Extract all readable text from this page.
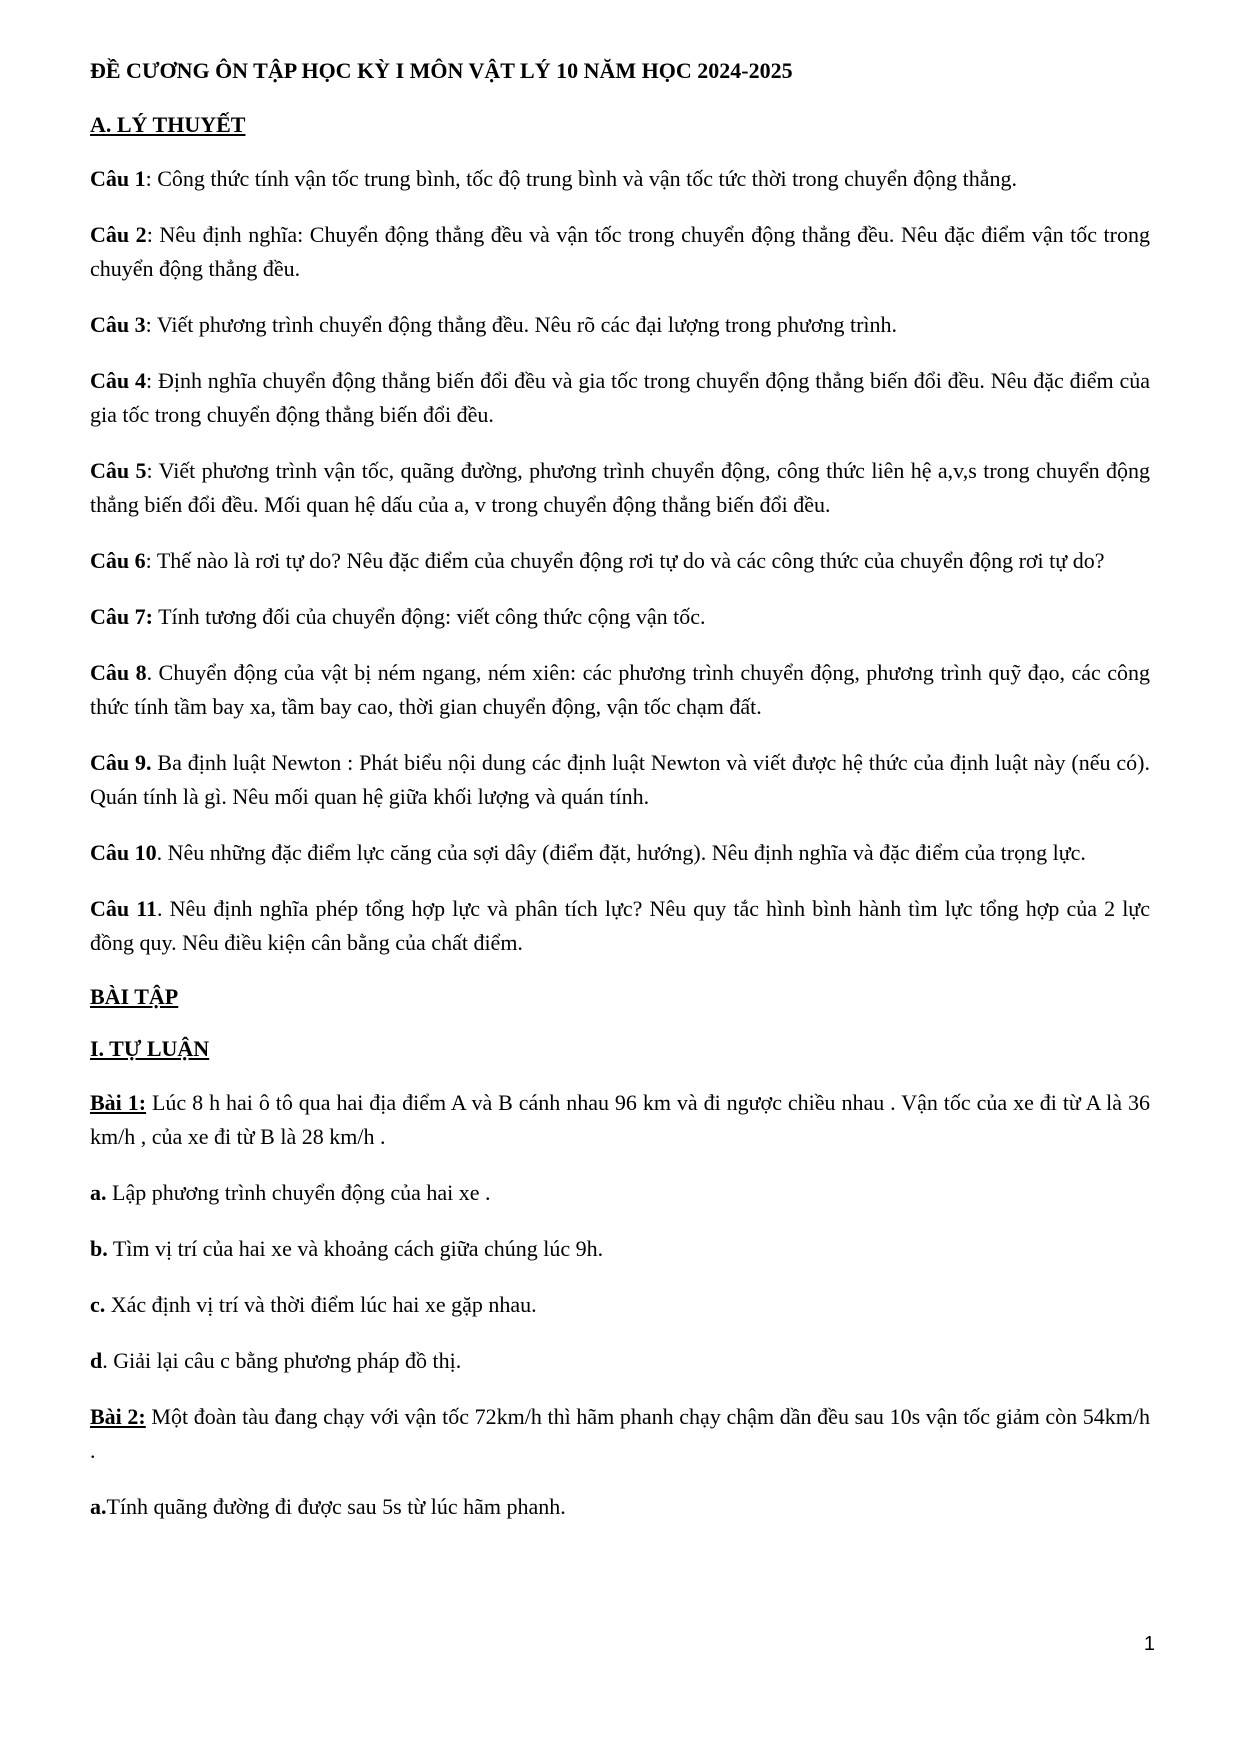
ĐỀ CƯƠNG ÔN TẬP HỌC KỲ I MÔN VẬT LÝ 10 NĂM HỌC 2024-2025
A. LÝ THUYẾT
Câu 1: Công thức tính vận tốc trung bình, tốc độ trung bình và vận tốc tức thời trong chuyển động thẳng.
Câu 2: Nêu định nghĩa: Chuyển động thẳng đều và vận tốc trong chuyển động thẳng đều. Nêu đặc điểm vận tốc trong chuyển động thẳng đều.
Câu 3: Viết phương trình chuyển động thẳng đều. Nêu rõ các đại lượng trong phương trình.
Câu 4: Định nghĩa chuyển động thẳng biến đổi đều và gia tốc trong chuyển động thẳng biến đổi đều. Nêu đặc điểm của gia tốc trong chuyển động thẳng biến đổi đều.
Câu 5: Viết phương trình vận tốc, quãng đường, phương trình chuyển động, công thức liên hệ a,v,s trong chuyển động thẳng biến đổi đều. Mối quan hệ dấu của a, v trong chuyển động thẳng biến đổi đều.
Câu 6: Thế nào là rơi tự do? Nêu đặc điểm của chuyển động rơi tự do và các công thức của chuyển động rơi tự do?
Câu 7: Tính tương đối của chuyển động: viết công thức cộng vận tốc.
Câu 8. Chuyển động của vật bị ném ngang, ném xiên: các phương trình chuyển động, phương trình quỹ đạo, các công thức tính tầm bay xa, tầm bay cao, thời gian chuyển động, vận tốc chạm đất.
Câu 9. Ba định luật Newton : Phát biểu nội dung các định luật Newton và viết được hệ thức của định luật này (nếu có). Quán tính là gì. Nêu mối quan hệ giữa khối lượng và quán tính.
Câu 10. Nêu những đặc điểm lực căng của sợi dây (điểm đặt, hướng). Nêu định nghĩa và đặc điểm của trọng lực.
Câu 11. Nêu định nghĩa phép tổng hợp lực và phân tích lực? Nêu quy tắc hình bình hành tìm lực tổng hợp của 2 lực đồng quy. Nêu điều kiện cân bằng của chất điểm.
BÀI TẬP
I. TỰ LUẬN
Bài 1: Lúc 8 h hai ô tô qua hai địa điểm A và B cánh nhau 96 km và đi ngược chiều nhau . Vận tốc của xe đi từ A là 36 km/h , của xe đi từ B là 28 km/h .
a. Lập phương trình chuyển động của hai xe .
b. Tìm vị trí của hai xe và khoảng cách giữa chúng lúc 9h.
c. Xác định vị trí và thời điểm lúc hai xe gặp nhau.
d. Giải lại câu c bằng phương pháp đồ thị.
Bài 2: Một đoàn tàu đang chạy với vận tốc 72km/h thì hãm phanh chạy chậm dần đều sau 10s vận tốc giảm còn 54km/h .
a.Tính quãng đường đi được sau 5s từ lúc hãm phanh.
1
